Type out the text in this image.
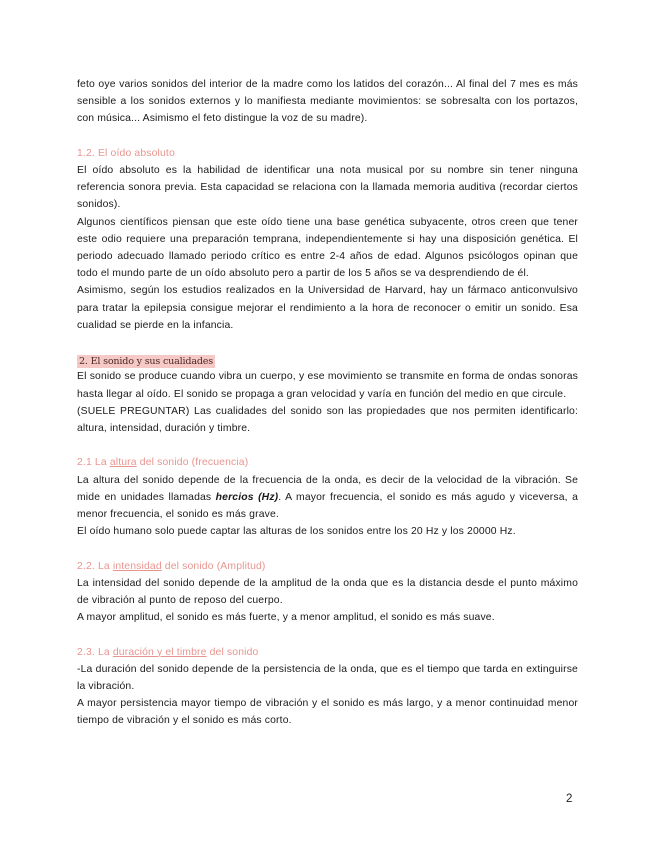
feto oye varios sonidos del interior de la madre como los latidos del corazón... Al final del 7 mes es más sensible a los sonidos externos y lo manifiesta mediante movimientos: se sobresalta con los portazos, con música... Asimismo el feto distingue la voz de su madre).

1.2. El oído absoluto

El oído absoluto es la habilidad de identificar una nota musical por su nombre sin tener ninguna referencia sonora previa. Esta capacidad se relaciona con la llamada memoria auditiva (recordar ciertos sonidos).

Algunos científicos piensan que este oído tiene una base genética subyacente, otros creen que tener este odio requiere una preparación temprana, independientemente si hay una disposición genética. El periodo adecuado llamado periodo crítico es entre 2-4 años de edad. Algunos psicólogos opinan que todo el mundo parte de un oído absoluto pero a partir de los 5 años se va desprendiendo de él.

Asimismo, según los estudios realizados en la Universidad de Harvard, hay un fármaco anticonvulsivo para tratar la epilepsia consigue mejorar el rendimiento a la hora de reconocer o emitir un sonido. Esa cualidad se pierde en la infancia.

2. El sonido y sus cualidades

El sonido se produce cuando vibra un cuerpo, y ese movimiento se transmite en forma de ondas sonoras hasta llegar al oído. El sonido se propaga a gran velocidad y varía en función del medio en que circule.

(SUELE PREGUNTAR) Las cualidades del sonido son las propiedades que nos permiten identificarlo: altura, intensidad, duración y timbre.

2.1 La altura del sonido (frecuencia)

La altura del sonido depende de la frecuencia de la onda, es decir de la velocidad de la vibración. Se mide en unidades llamadas hercios (Hz). A mayor frecuencia, el sonido es más agudo y viceversa, a menor frecuencia, el sonido es más grave.

El oído humano solo puede captar las alturas de los sonidos entre los 20 Hz y los 20000 Hz.

2.2. La intensidad del sonido (Amplitud)

La intensidad del sonido depende de la amplitud de la onda que es la distancia desde el punto máximo de vibración al punto de reposo del cuerpo.

A mayor amplitud, el sonido es más fuerte, y a menor amplitud, el sonido es más suave.

2.3. La duración y el timbre del sonido

-La duración del sonido depende de la persistencia de la onda, que es el tiempo que tarda en extinguirse la vibración.

A mayor persistencia mayor tiempo de vibración y el sonido es más largo, y a menor continuidad menor tiempo de vibración y el sonido es más corto.

2
